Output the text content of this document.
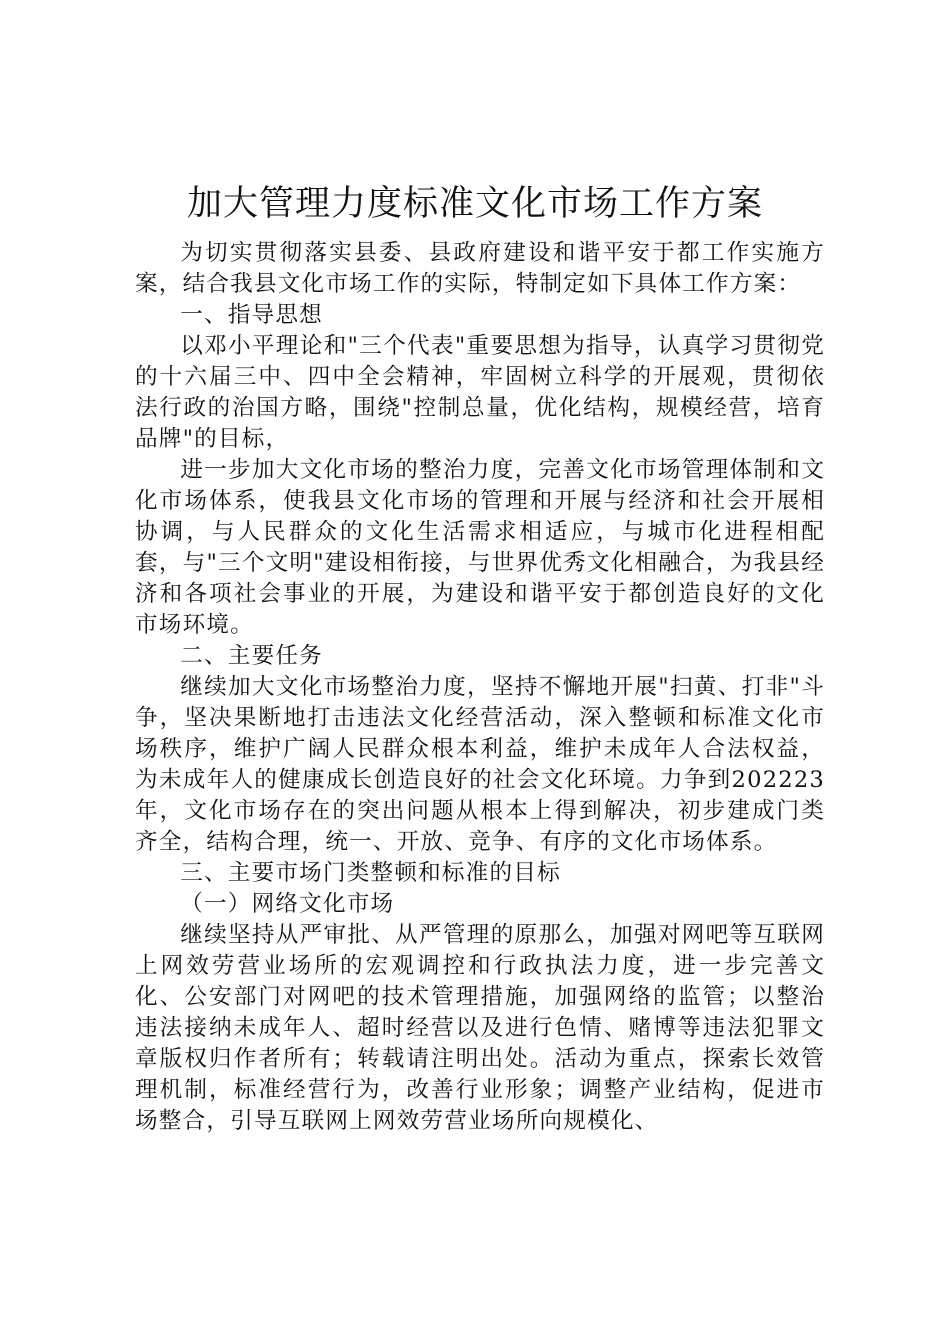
加大管理力度标准文化市场工作方案

为切实贯彻落实县委、县政府建设和谐平安于都工作实施方案，结合我县文化市场工作的实际，特制定如下具体工作方案：

一、指导思想

以邓小平理论和"三个代表"重要思想为指导，认真学习贯彻党的十六届三中、四中全会精神，牢固树立科学的开展观，贯彻依法行政的治国方略，围绕"控制总量，优化结构，规模经营，培育品牌"的目标，

进一步加大文化市场的整治力度，完善文化市场管理体制和文化市场体系，使我县文化市场的管理和开展与经济和社会开展相协调，与人民群众的文化生活需求相适应，与城市化进程相配套，与"三个文明"建设相衔接，与世界优秀文化相融合，为我县经济和各项社会事业的开展，为建设和谐平安于都创造良好的文化市场环境。

二、主要任务

继续加大文化市场整治力度，坚持不懈地开展"扫黄、打非"斗争，坚决果断地打击违法文化经营活动，深入整顿和标准文化市场秩序，维护广阔人民群众根本利益，维护未成年人合法权益，为未成年人的健康成长创造良好的社会文化环境。力争到202223年，文化市场存在的突出问题从根本上得到解决，初步建成门类齐全，结构合理，统一、开放、竞争、有序的文化市场体系。

三、主要市场门类整顿和标准的目标

（一）网络文化市场

继续坚持从严审批、从严管理的原那么，加强对网吧等互联网上网效劳营业场所的宏观调控和行政执法力度，进一步完善文化、公安部门对网吧的技术管理措施，加强网络的监管；以整治违法接纳未成年人、超时经营以及进行色情、赌博等违法犯罪文章版权归作者所有；转载请注明出处。活动为重点，探索长效管理机制，标准经营行为，改善行业形象；调整产业结构，促进市场整合，引导互联网上网效劳营业场所向规模化、
